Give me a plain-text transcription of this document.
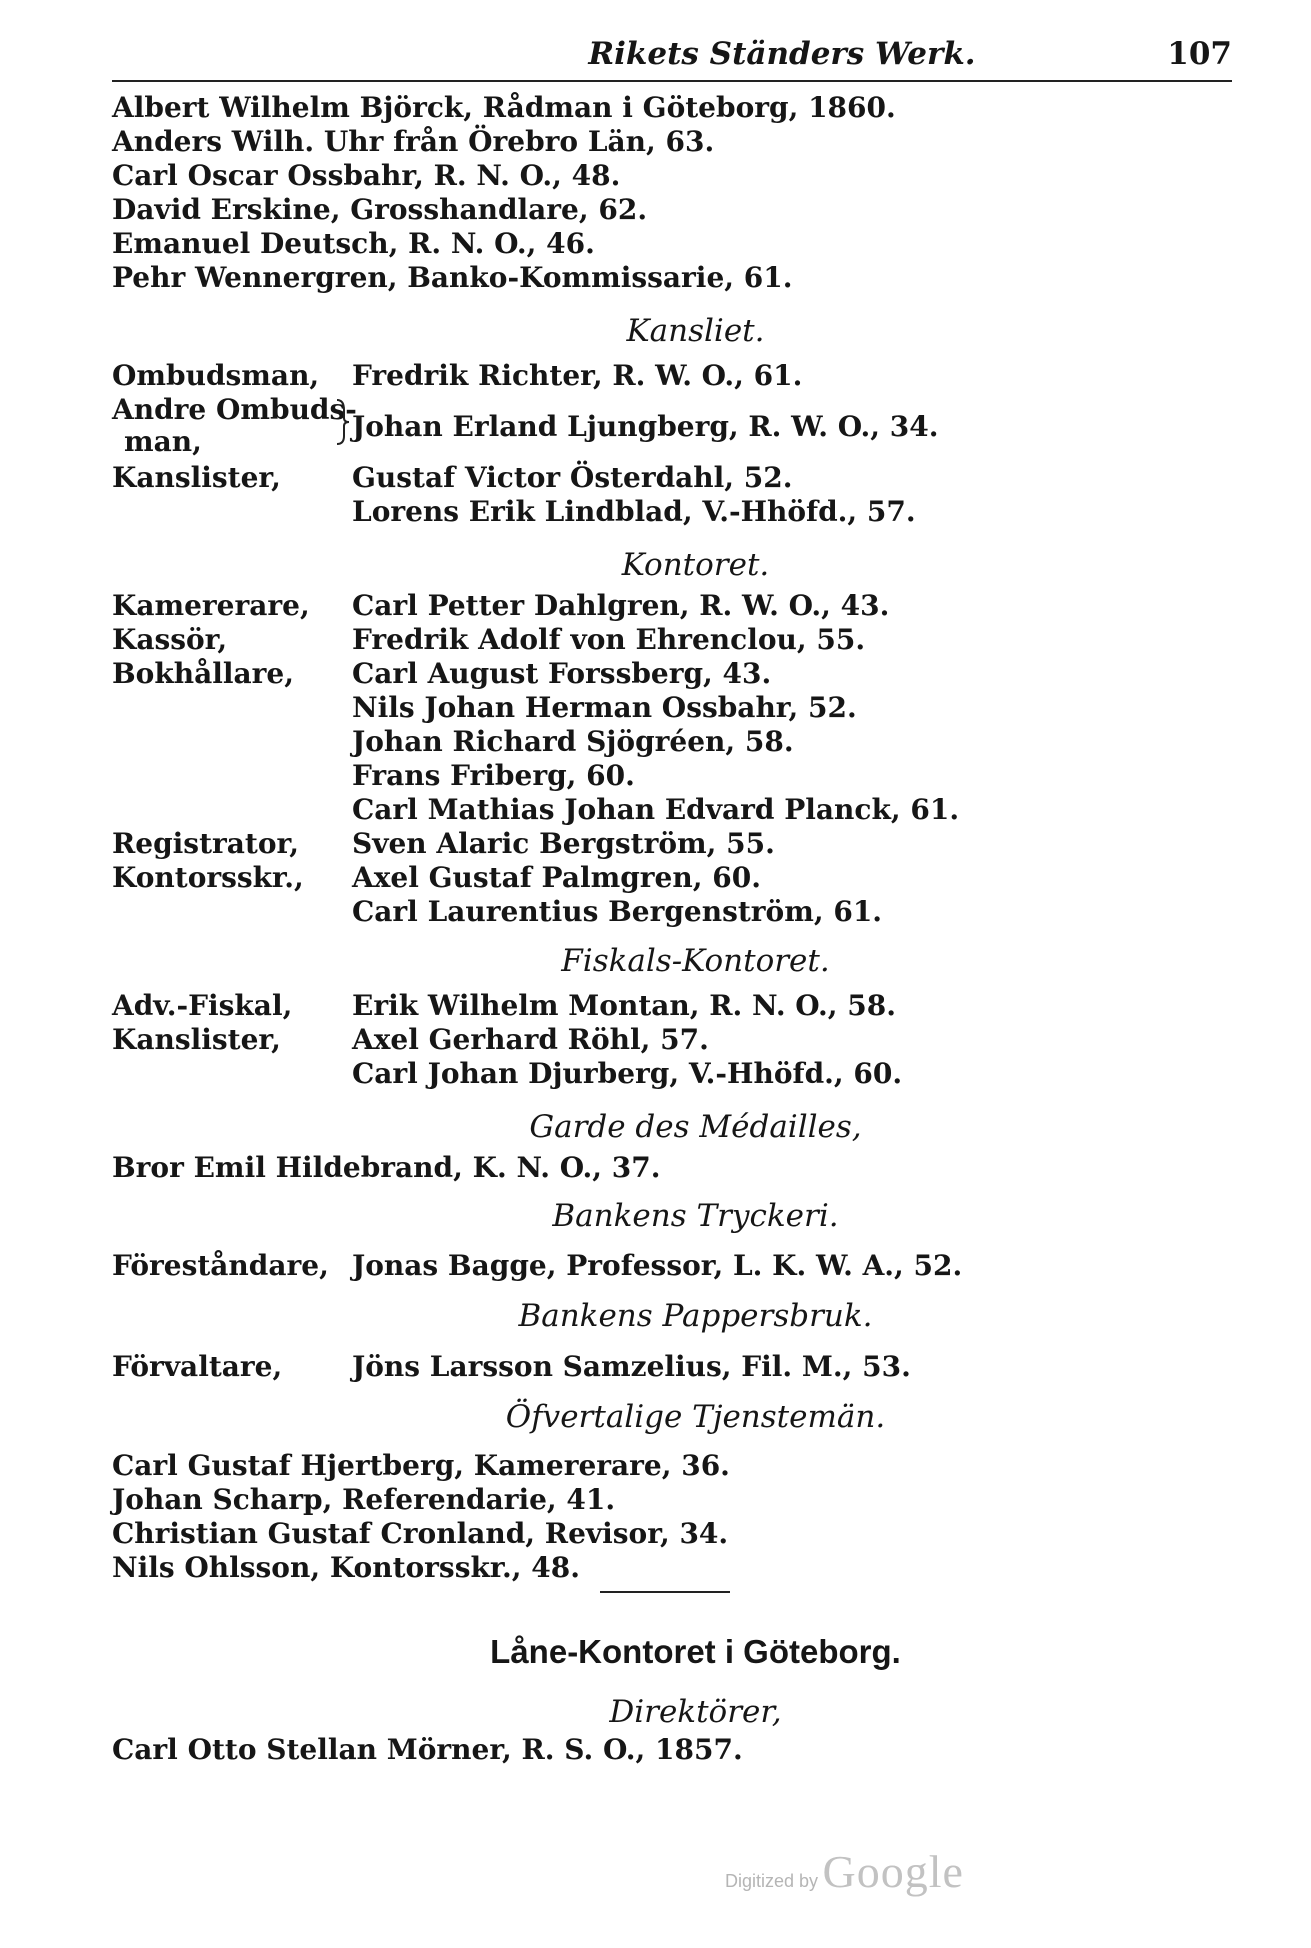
Rikets Ständers Werk.	107
Albert Wilhelm Björck, Rådman i Göteborg, 1860.
Anders Wilh. Uhr från Örebro Län, 63.
Carl Oscar Ossbahr, R. N. O., 48.
David Erskine, Grosshandlare, 62.
Emanuel Deutsch, R. N. O., 46.
Pehr Wennergren, Banko-Kommissarie, 61.
Kansliet.
Ombudsman, Fredrik Richter, R. W. O., 61.
Andre Ombuds-
man,	Johan Erland Ljungberg, R. W. O., 34.
Kanslister,	Gustaf Victor Österdahl, 52.
Lorens Erik Lindblad, V.-Hhöfd., 57.
Kontoret.
Kamererare, Carl Petter Dahlgren, R. W. O., 43.
Kassör,	Fredrik Adolf von Ehrenclou, 55.
Bokhållare, Carl August Forssberg, 43.
Nils Johan Herman Ossbahr, 52.
Johan Richard Sjögréen, 58.
Frans Friberg, 60.
Carl Mathias Johan Edvard Planck, 61.
Registrator, Sven Alaric Bergström, 55.
Kontorsskr., Axel Gustaf Palmgren, 60.
Carl Laurentius Bergenström, 61.
Fiskals-Kontoret.
Adv.-Fiskal, Erik Wilhelm Montan, R. N. O., 58.
Kanslister,	Axel Gerhard Röhl, 57.
Carl Johan Djurberg, V.-Hhöfd., 60.
Garde des Médailles,
Bror Emil Hildebrand, K. N. O., 37.
Bankens Tryckeri.
Föreståndare, Jonas Bagge, Professor, L. K. W. A., 52.
Bankens Pappersbruk.
Förvaltare, Jöns Larsson Samzelius, Fil. M., 53.
Öfvertalige Tjenstemän.
Carl Gustaf Hjertberg, Kamererare, 36.
Johan Scharp, Referendarie, 41.
Christian Gustaf Cronland, Revisor, 34.
Nils Ohlsson, Kontorsskr., 48.
Låne-Kontoret i Göteborg.
Direktörer,
Carl Otto Stellan Mörner, R. S. O., 1857.
Digitized by Google
